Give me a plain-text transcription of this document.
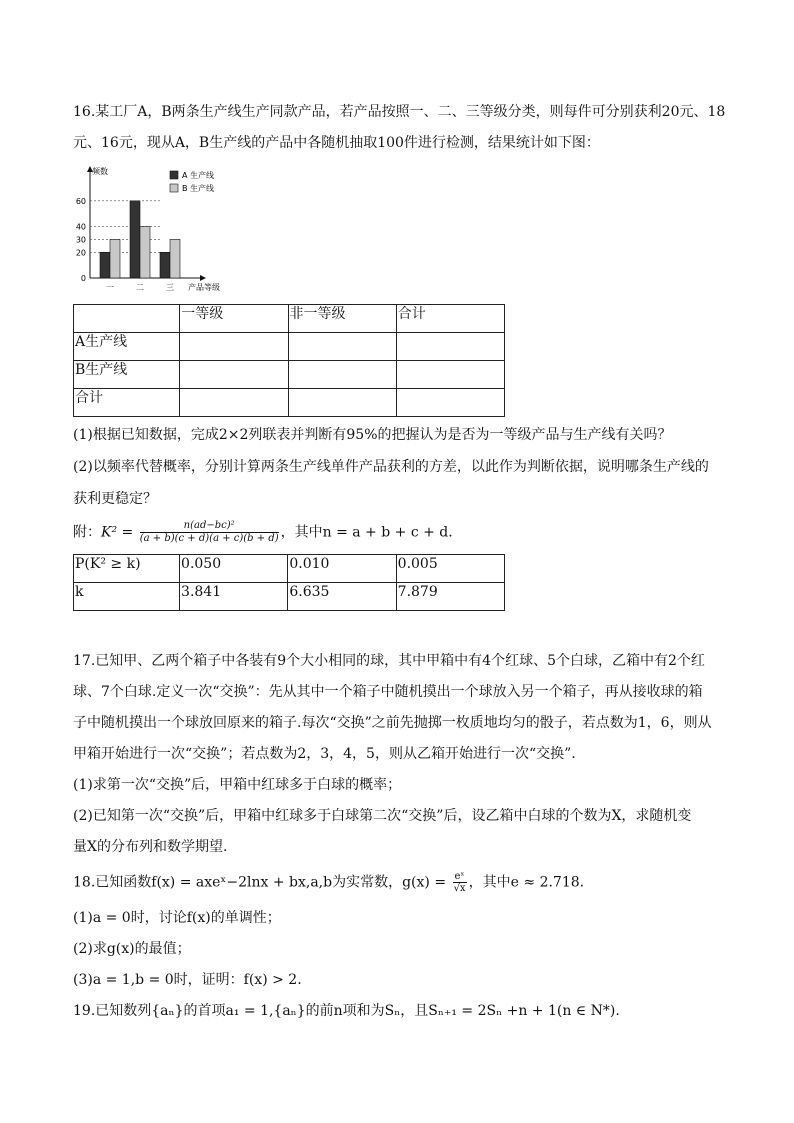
16.某工厂A，B两条生产线生产同款产品，若产品按照一、二、三等级分类，则每件可分别获利20元、18
元、16元，现从A，B生产线的产品中各随机抽取100件进行检测，结果统计如下图：
频数
产品等级
0
20
30
40
60
一	二	三
A 生产线
B 生产线
	一等级	非一等级	合计
A生产线			
B生产线			
合计			
(1)根据已知数据，完成2×2列联表并判断有95%的把握认为是否为一等级产品与生产线有关吗？
(2)以频率代替概率，分别计算两条生产线单件产品获利的方差，以此作为判断依据，说明哪条生产线的
获利更稳定？
附：$K^2 = \frac{\text{n(ad−bc)²}}{(a + b)(c + d)(a + c)(b + d)}$ ，其中n = a + b + c + d.
P(K² ≥ k)	0.050	0.010	0.005
k	3.841	6.635	7.879
17.已知甲、乙两个箱子中各装有9个大小相同的球，其中甲箱中有4个红球、5个白球，乙箱中有2个红
球、7个白球.定义一次“交换”：先从其中一个箱子中随机摸出一个球放入另一个箱子，再从接收球的箱
子中随机摸出一个球放回原来的箱子.每次“交换”之前先抛掷一枚质地均匀的骰子，若点数为1，6，则从
甲箱开始进行一次“交换”；若点数为2，3，4，5，则从乙箱开始进行一次“交换”.
(1)求第一次“交换”后，甲箱中红球多于白球的概率；
(2)已知第一次“交换”后，甲箱中红球多于白球第二次“交换”后，设乙箱中白球的个数为X，求随机变
量X的分布列和数学期望.
18.已知函数f(x) = axeˣ−2lnx + bx,a,b为实常数，$g(x) = \frac{\text{eˣ}}{√x}$ ，其中e ≈ 2.718.
(1)a = 0时，讨论f(x)的单调性；
(2)求g(x)的最值；
(3)a = 1,b = 0时，证明：f(x) > 2.
19.已知数列{aₙ}的首项a₁ = 1,{aₙ}的前n项和为Sₙ，且Sₙ₊₁ = 2Sₙ +n + 1(n ∈ N*).
